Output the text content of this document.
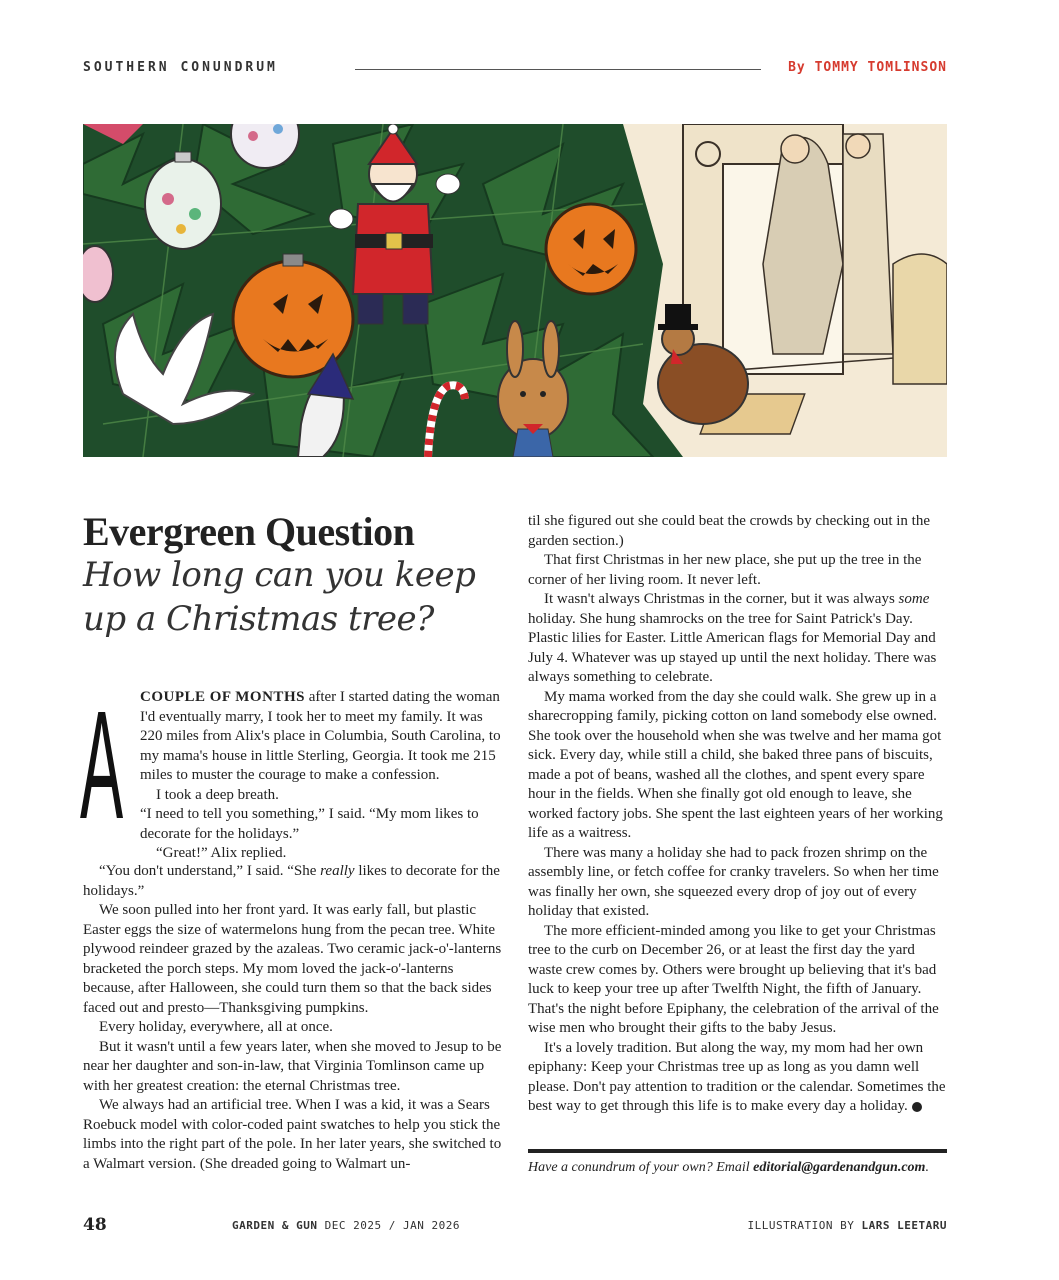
SOUTHERN CONUNDRUM	By TOMMY TOMLINSON
Evergreen Question
How long can you keep up a Christmas tree?
A COUPLE OF MONTHS after I started dating the woman I'd eventually marry, I took her to meet my family. It was 220 miles from Alix's place in Columbia, South Carolina, to my mama's house in little Sterling, Georgia. It took me 215 miles to muster the courage to make a confession.

I took a deep breath.

“I need to tell you something,” I said. “My mom likes to decorate for the holidays.”

“Great!” Alix replied.

“You don't understand,” I said. “She really likes to decorate for the holidays.”

We soon pulled into her front yard. It was early fall, but plastic Easter eggs the size of watermelons hung from the pecan tree. White plywood reindeer grazed by the azaleas. Two ceramic jack-o'-lanterns bracketed the porch steps. My mom loved the jack-o'-lanterns because, after Halloween, she could turn them so that the back sides faced out and presto—Thanksgiving pumpkins.

Every holiday, everywhere, all at once.

But it wasn't until a few years later, when she moved to Jesup to be near her daughter and son-in-law, that Virginia Tomlinson came up with her greatest creation: the eternal Christmas tree.

We always had an artificial tree. When I was a kid, it was a Sears Roebuck model with color-coded paint swatches to help you stick the limbs into the right part of the pole. In her later years, she switched to a Walmart version. (She dreaded going to Walmart un-

til she figured out she could beat the crowds by checking out in the garden section.)

That first Christmas in her new place, she put up the tree in the corner of her living room. It never left.

It wasn't always Christmas in the corner, but it was always some holiday. She hung shamrocks on the tree for Saint Patrick's Day. Plastic lilies for Easter. Little American flags for Memorial Day and July 4. Whatever was up stayed up until the next holiday. There was always something to celebrate.

My mama worked from the day she could walk. She grew up in a sharecropping family, picking cotton on land somebody else owned. She took over the household when she was twelve and her mama got sick. Every day, while still a child, she baked three pans of biscuits, made a pot of beans, washed all the clothes, and spent every spare hour in the fields. When she finally got old enough to leave, she worked factory jobs. She spent the last eighteen years of her working life as a waitress.

There was many a holiday she had to pack frozen shrimp on the assembly line, or fetch coffee for cranky travelers. So when her time was finally her own, she squeezed every drop of joy out of every holiday that existed.

The more efficient-minded among you like to get your Christmas tree to the curb on December 26, or at least the first day the yard waste crew comes by. Others were brought up believing that it's bad luck to keep your tree up after Twelfth Night, the fifth of January. That's the night before Epiphany, the celebration of the arrival of the wise men who brought their gifts to the baby Jesus.

It's a lovely tradition. But along the way, my mom had her own epiphany: Keep your Christmas tree up as long as you damn well please. Don't pay attention to tradition or the calendar. Sometimes the best way to get through this life is to make every day a holiday.

Have a conundrum of your own? Email editorial@gardenandgun.com.
48	GARDEN & GUN DEC 2025 / JAN 2026	ILLUSTRATION BY LARS LEETARU
